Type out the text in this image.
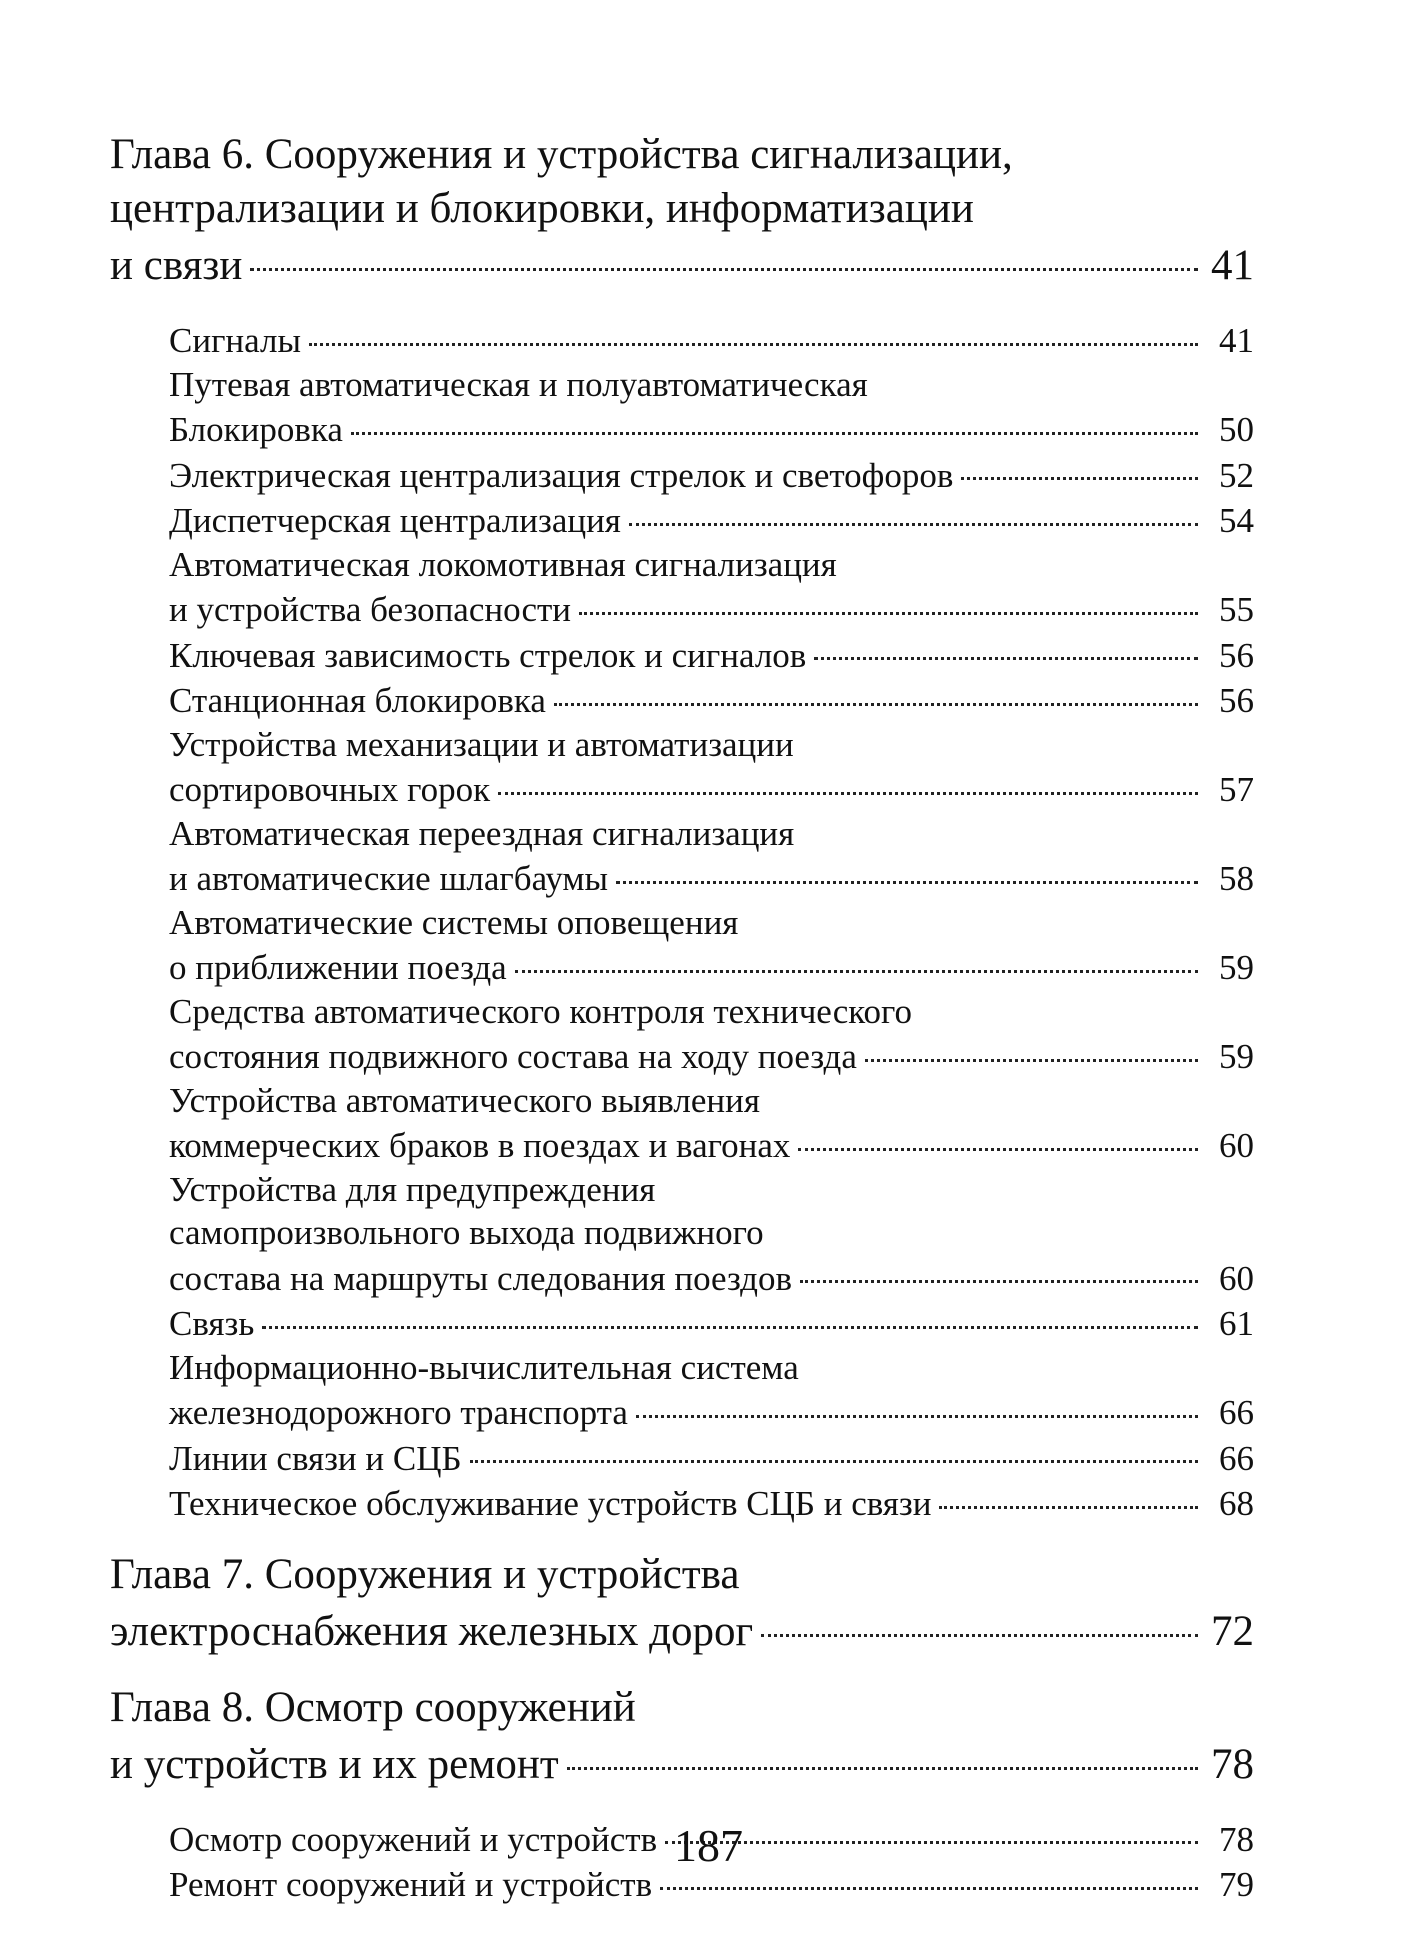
Глава 6. Сооружения и устройства сигнализации,
централизации и блокировки, информатизации
и связи	41
Сигналы	41
Путевая автоматическая и полуавтоматическая
Блокировка	50
Электрическая централизация стрелок и светофоров	52
Диспетчерская централизация	54
Автоматическая локомотивная сигнализация
и устройства безопасности	55
Ключевая зависимость стрелок и сигналов	56
Станционная блокировка	56
Устройства механизации и автоматизации
сортировочных горок	57
Автоматическая переездная сигнализация
и автоматические шлагбаумы	58
Автоматические системы оповещения
о приближении поезда	59
Средства автоматического контроля технического
состояния подвижного состава на ходу поезда	59
Устройства автоматического выявления
коммерческих браков в поездах и вагонах	60
Устройства для предупреждения
самопроизвольного выхода подвижного
состава на маршруты следования поездов	60
Связь	61
Информационно-вычислительная система
железнодорожного транспорта	66
Линии связи и СЦБ	66
Техническое обслуживание устройств СЦБ и связи	68
Глава 7. Сооружения и устройства
электроснабжения железных дорог	72
Глава 8. Осмотр сооружений
и устройств и их ремонт	78
Осмотр сооружений и устройств	78
Ремонт сооружений и устройств	79
187
